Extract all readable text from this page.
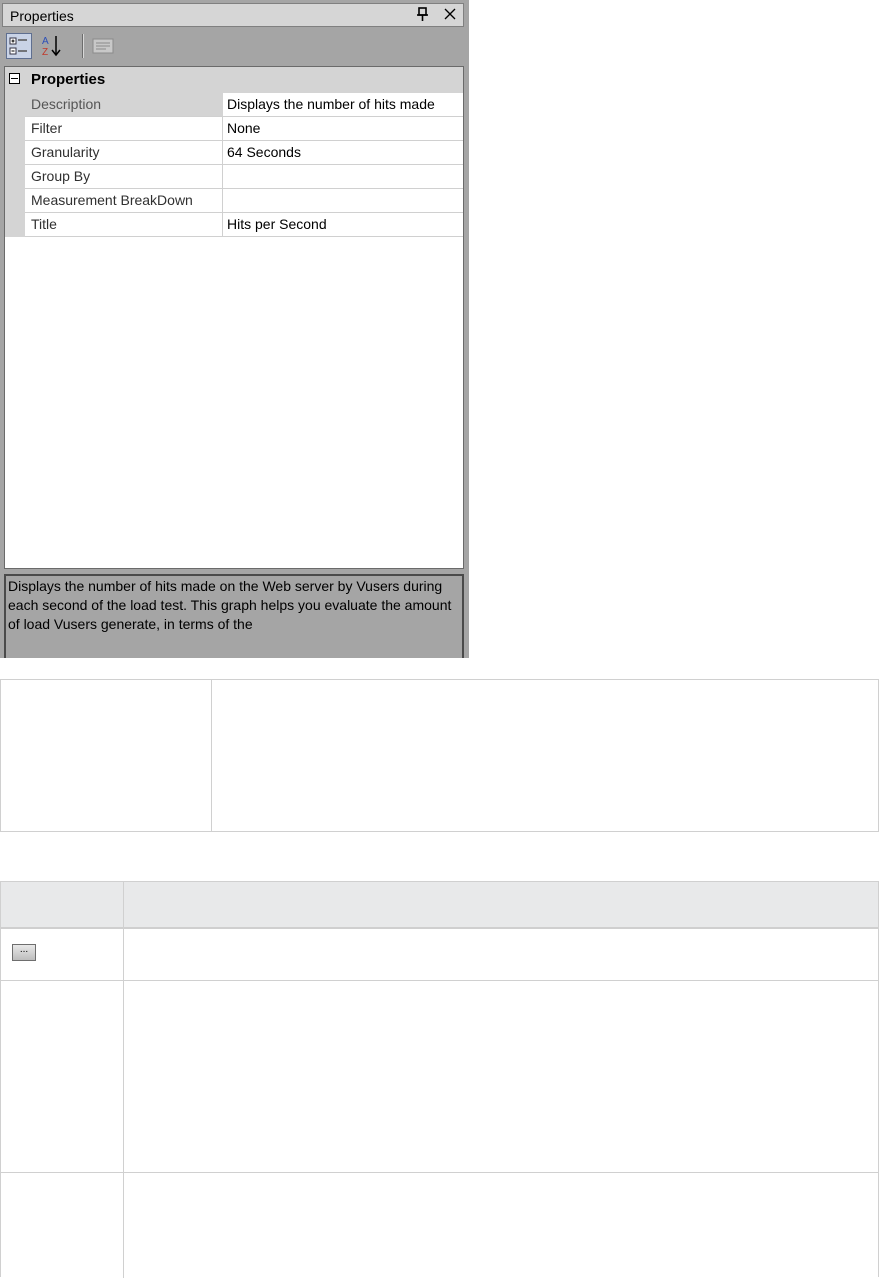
Properties
A
Z
Properties
Description	Displays the number of hits made
Filter	None
Granularity	64 Seconds
Group By
Measurement BreakDown
Title	Hits per Second
Displays the number of hits made on the Web server by Vusers during each second of the load test. This graph helps you evaluate the amount of load Vusers generate, in terms of the
...
